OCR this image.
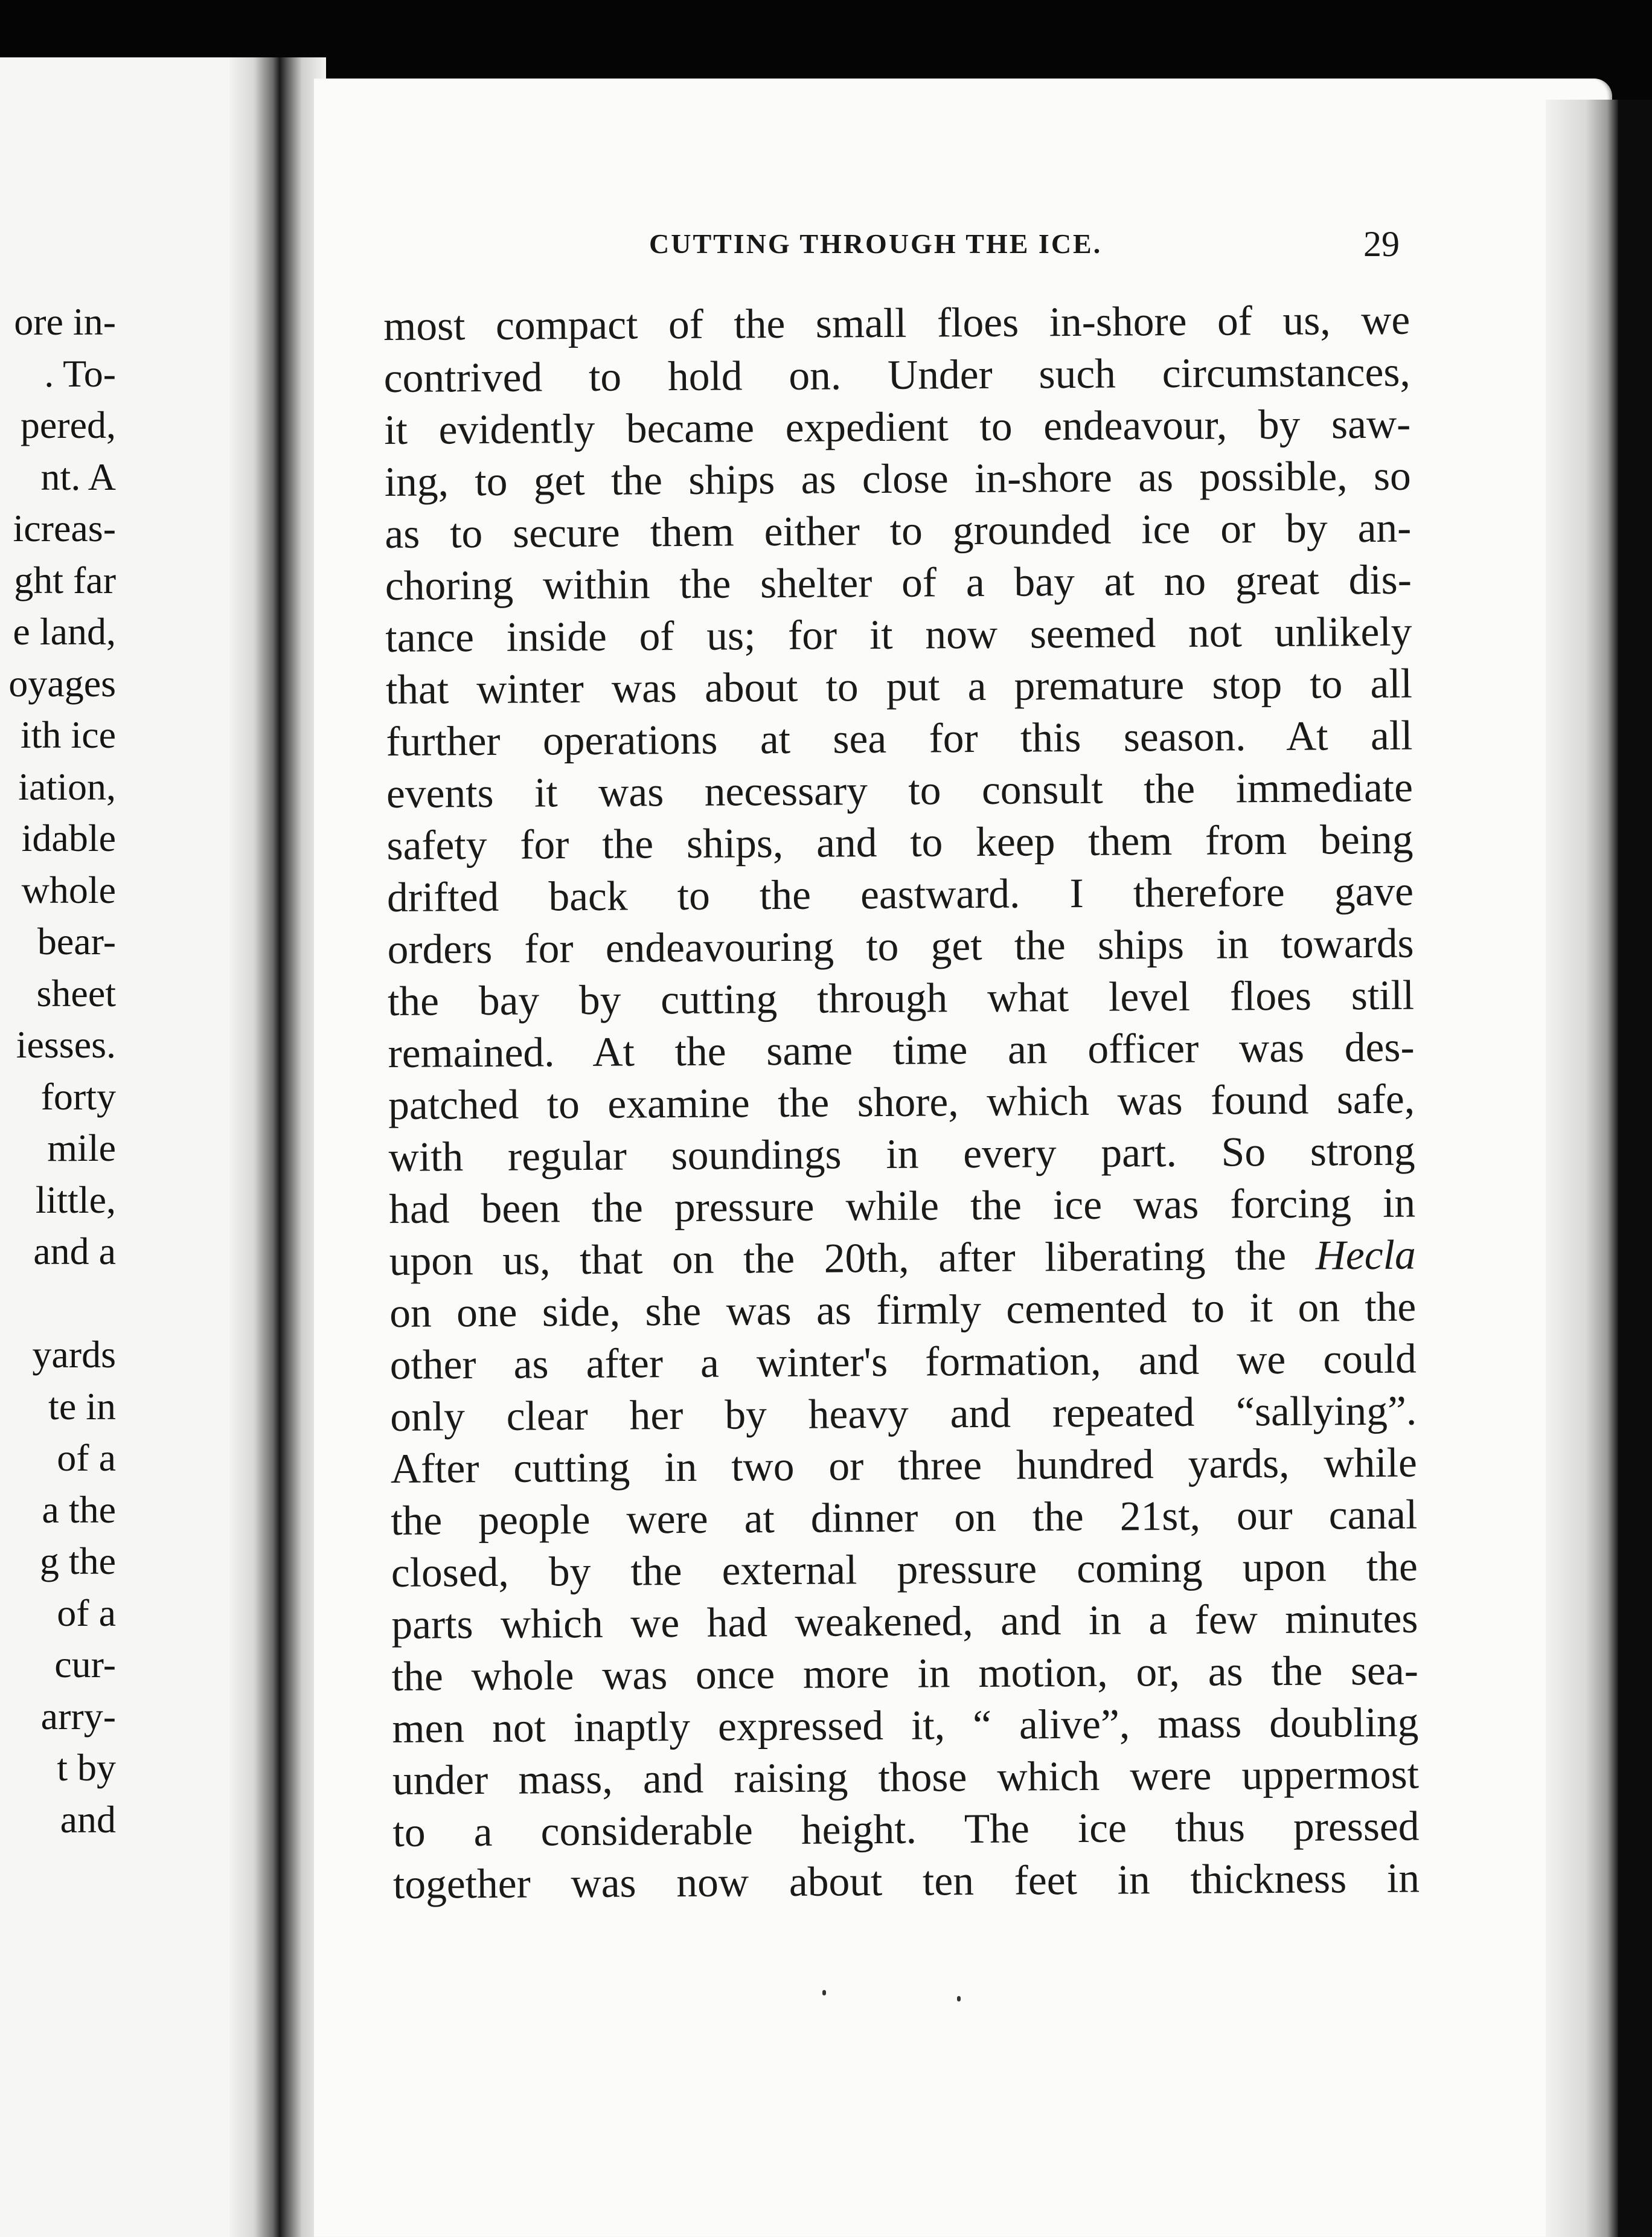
ore in-
. To-
pered,
nt. A
icreas-
ght far
e land,
oyages
ith ice
iation,
idable
whole
bear-
sheet
iesses.
forty
mile
little,
and a
yards
te in
of a
a the
g the
of a
cur-
arry-
t by
and
CUTTING THROUGH THE ICE.	29
most compact of the small floes in-shore of us, we
contrived to hold on. Under such circumstances,
it evidently became expedient to endeavour, by saw-
ing, to get the ships as close in-shore as possible, so
as to secure them either to grounded ice or by an-
choring within the shelter of a bay at no great dis-
tance inside of us; for it now seemed not unlikely
that winter was about to put a premature stop to all
further operations at sea for this season. At all
events it was necessary to consult the immediate
safety for the ships, and to keep them from being
drifted back to the eastward. I therefore gave
orders for endeavouring to get the ships in towards
the bay by cutting through what level floes still
remained. At the same time an officer was des-
patched to examine the shore, which was found safe,
with regular soundings in every part. So strong
had been the pressure while the ice was forcing in
upon us, that on the 20th, after liberating the Hecla
on one side, she was as firmly cemented to it on the
other as after a winter's formation, and we could
only clear her by heavy and repeated “sallying”.
After cutting in two or three hundred yards, while
the people were at dinner on the 21st, our canal
closed, by the external pressure coming upon the
parts which we had weakened, and in a few minutes
the whole was once more in motion, or, as the sea-
men not inaptly expressed it, “ alive”, mass doubling
under mass, and raising those which were uppermost
to a considerable height. The ice thus pressed
together was now about ten feet in thickness in
